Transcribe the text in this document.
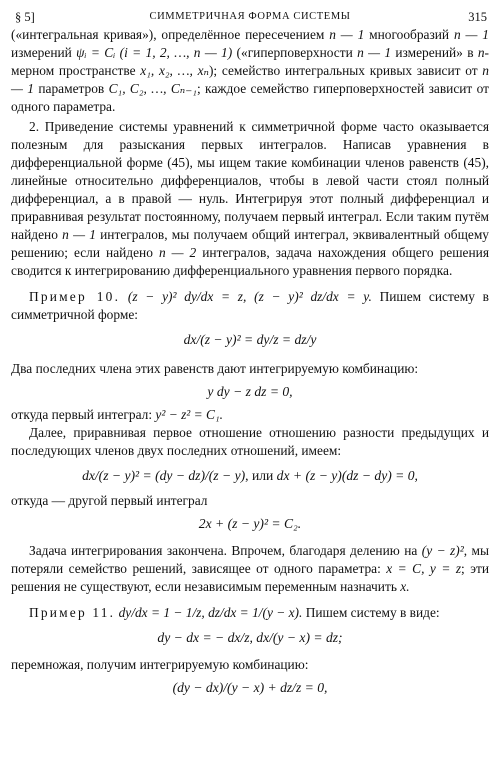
§ 5]	СИММЕТРИЧНАЯ ФОРМА СИСТЕМЫ	315

(«интегральная кривая»), определённое пересечением n — 1 многообразий n — 1 измерений ψᵢ = Cᵢ (i = 1, 2, …, n — 1) («гиперповерхности n — 1 измерений» в n-мерном пространстве x₁, x₂, …, xₙ); семейство интегральных кривых зависит от n — 1 параметров C₁, C₂, …, Cₙ₋₁; каждое семейство гиперповерхностей зависит от одного параметра.

2. Приведение системы уравнений к симметричной форме часто оказывается полезным для разыскания первых интегралов. Написав уравнения в дифференциальной форме (45), мы ищем такие комбинации членов равенств (45), линейные относительно дифференциалов, чтобы в левой части стоял полный дифференциал, а в правой — нуль. Интегрируя этот полный дифференциал и приравнивая результат постоянному, получаем первый интеграл. Если таким путём найдено n — 1 интегралов, мы получаем общий интеграл, эквивалентный общему решению; если найдено n — 2 интегралов, задача нахождения общего решения сводится к интегрированию дифференциального уравнения первого порядка.

Пример 10. (z − y)² dy/dx = z, (z − y)² dz/dx = y. Пишем систему в симметричной форме:

dx/(z − y)² = dy/z = dz/y

Два последних члена этих равенств дают интегрируемую комбинацию:

y dy − z dz = 0,

откуда первый интеграл: y² − z² = C₁.

Далее, приравнивая первое отношение отношению разности предыдущих и последующих членов двух последних отношений, имеем:

dx/(z − y)² = (dy − dz)/(z − y), или dx + (z − y)(dz − dy) = 0,

откуда — другой первый интеграл

2x + (z − y)² = C₂.

Задача интегрирования закончена. Впрочем, благодаря делению на (y − z)², мы потеряли семейство решений, зависящее от одного параметра: x = C, y = z; эти решения не существуют, если независимым переменным назначить x.

Пример 11. dy/dx = 1 − 1/z, dz/dx = 1/(y − x). Пишем систему в виде:

dy − dx = − dx/z, dx/(y − x) = dz;

перемножая, получим интегрируемую комбинацию:

(dy − dx)/(y − x) + dz/z = 0,
